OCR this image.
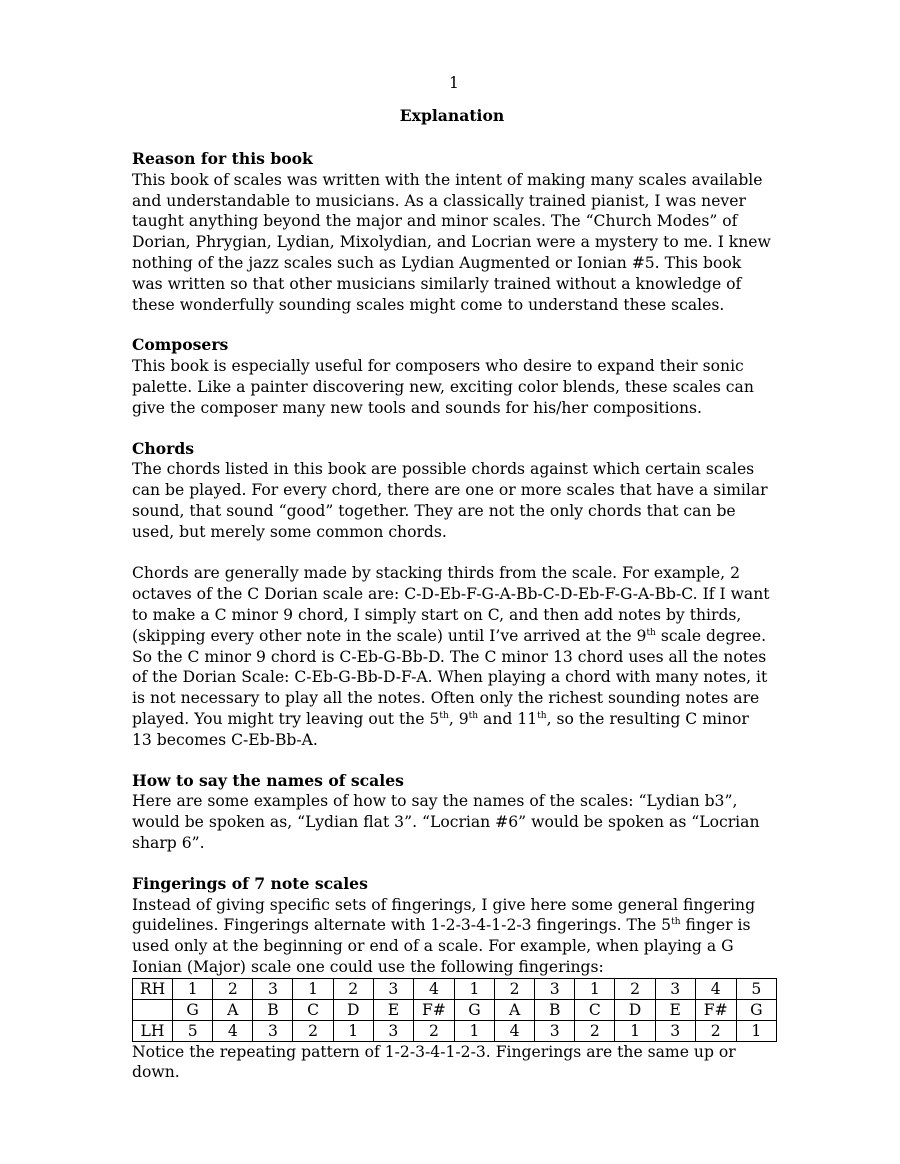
1
Explanation
Reason for this book

This book of scales was written with the intent of making many scales available and understandable to musicians. As a classically trained pianist, I was never taught anything beyond the major and minor scales. The “Church Modes” of Dorian, Phrygian, Lydian, Mixolydian, and Locrian were a mystery to me. I knew nothing of the jazz scales such as Lydian Augmented or Ionian #5. This book was written so that other musicians similarly trained without a knowledge of these wonderfully sounding scales might come to understand these scales.

Composers

This book is especially useful for composers who desire to expand their sonic palette. Like a painter discovering new, exciting color blends, these scales can give the composer many new tools and sounds for his/her compositions.

Chords

The chords listed in this book are possible chords against which certain scales can be played. For every chord, there are one or more scales that have a similar sound, that sound “good” together. They are not the only chords that can be used, but merely some common chords.

Chords are generally made by stacking thirds from the scale. For example, 2 octaves of the C Dorian scale are: C-D-Eb-F-G-A-Bb-C-D-Eb-F-G-A-Bb-C. If I want to make a C minor 9 chord, I simply start on C, and then add notes by thirds, (skipping every other note in the scale) until I’ve arrived at the 9th scale degree. So the C minor 9 chord is C-Eb-G-Bb-D. The C minor 13 chord uses all the notes of the Dorian Scale: C-Eb-G-Bb-D-F-A. When playing a chord with many notes, it is not necessary to play all the notes. Often only the richest sounding notes are played. You might try leaving out the 5th, 9th and 11th, so the resulting C minor 13 becomes C-Eb-Bb-A.

How to say the names of scales

Here are some examples of how to say the names of the scales: “Lydian b3”, would be spoken as, “Lydian flat 3”. “Locrian #6” would be spoken as “Locrian sharp 6”.

Fingerings of 7 note scales

Instead of giving specific sets of fingerings, I give here some general fingering guidelines. Fingerings alternate with 1-2-3-4-1-2-3 fingerings. The 5th finger is used only at the beginning or end of a scale. For example, when playing a G Ionian (Major) scale one could use the following fingerings:

RH	1	2	3	1	2	3	4	1	2	3	1	2	3	4	5
	G	A	B	C	D	E	F#	G	A	B	C	D	E	F#	G
LH	5	4	3	2	1	3	2	1	4	3	2	1	3	2	1

Notice the repeating pattern of 1-2-3-4-1-2-3. Fingerings are the same up or down.
